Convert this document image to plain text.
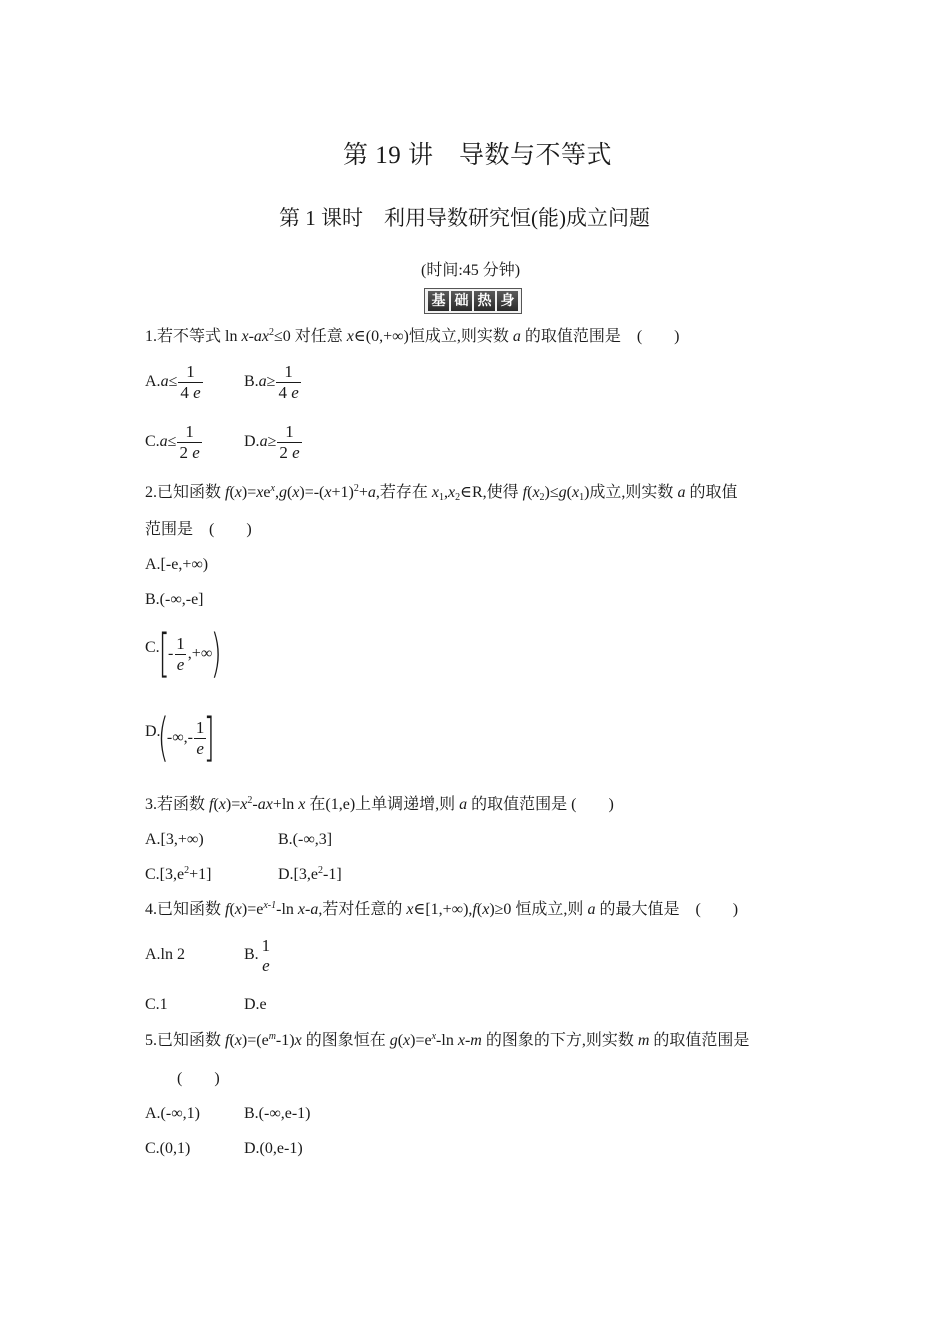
第 19 讲　导数与不等式
第 1 课时　利用导数研究恒(能)成立问题
(时间:45 分钟)
基 础 热 身
1.若不等式 $\ln x-ax^2\le 0$ 对任意 x∈(0,+∞)恒成立,则实数 a 的取值范围是　(　　)
$A.a\le \frac{1}{4 e}$	$B.a\ge \frac{1}{4 e}$
$C.a\le \frac{1}{2 e}$	$D.a\ge \frac{1}{2 e}$
2.已知函数 $f(x)=xe^x,g(x)=-(x+1)^2+a$,若存在 $x_1,x_2\in R$,使得 $f(x_2)\le g(x_1)$成立,则实数 a 的取值
范围是　(　　)
A.[-e,+∞)
B.(-∞,-e]
C.
[
- $\frac{1}{e}$ ,+∞
)
D.
(
-∞,- $\frac{1}{e}$
]
3.若函数 $f(x)=x^2-ax+\ln$ x 在(1,e)上单调递增,则 a 的取值范围是 (　　)
A.[3,+∞)	B.(-∞,3]
$C.[3,e^2+1]$	$D.[3,e^2-1]$
4.已知函数 $f(x)=e^{x-1}-\ln$ x-a,若对任意的 x∈[1,+∞),f(x)≥0 恒成立,则 a 的最大值是　(　　)
A.ln 2	B. 1
e
C.1	D.e
5.已知函数 $f(x)=(e^m-1)x$ 的图象恒在 $g(x)=e^x-\ln$ x-m 的图象的下方,则实数 m 的取值范围是
(　　)
A.(-∞,1)	B.(-∞,e-1)
C.(0,1)	D.(0,e-1)
